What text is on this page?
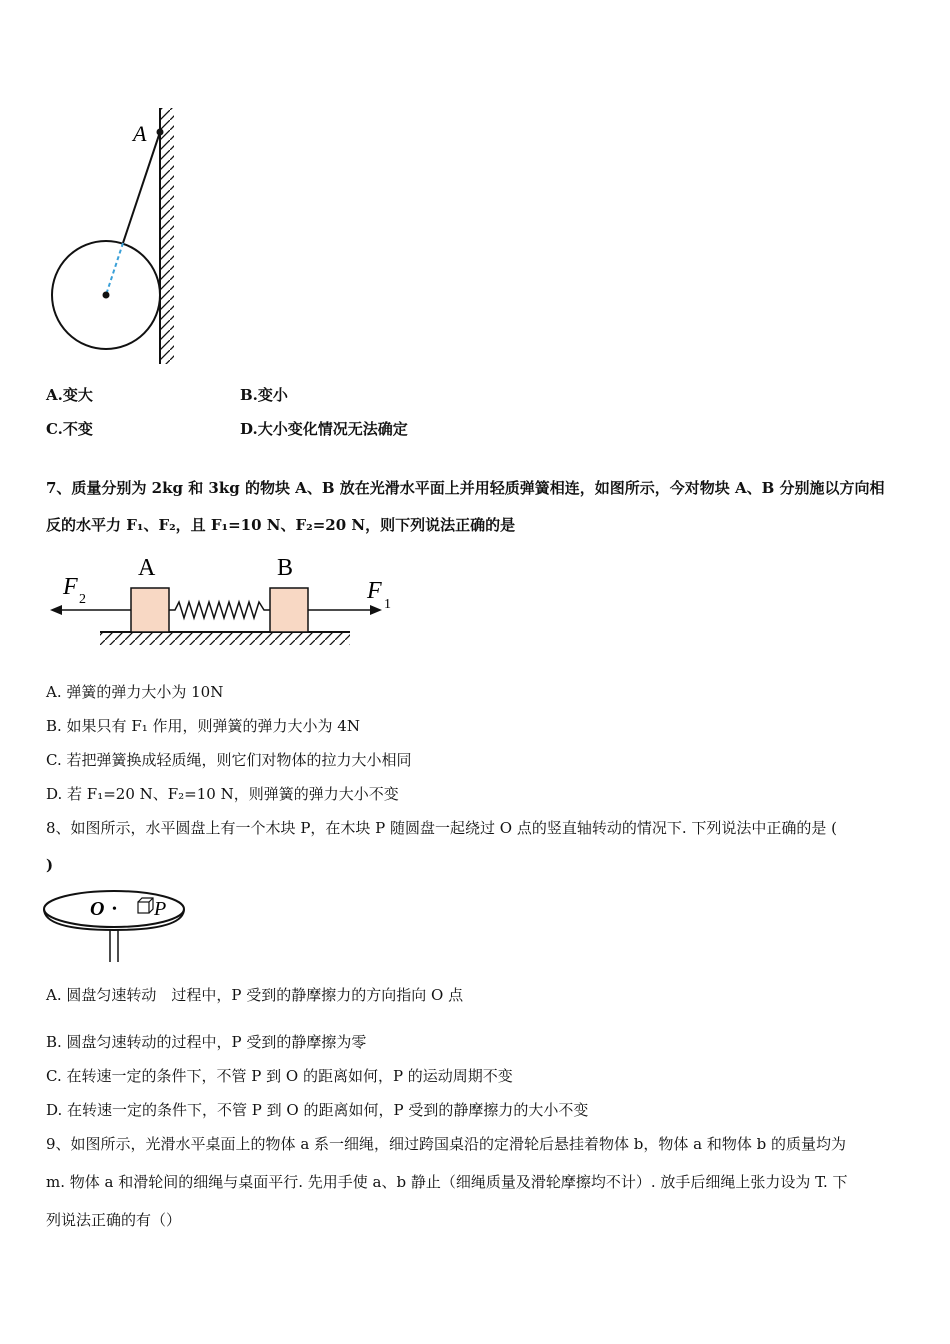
A
A.变大	B.变小
C.不变	D.大小变化情况无法确定
7、质量分别为 2kg 和 3kg 的物块 A、B 放在光滑水平面上并用轻质弹簧相连，如图所示，今对物块 A、B 分别施以方向相
反的水平力 F₁、F₂，且 F₁=10 N、F₂=20 N，则下列说法正确的是
A	B
F 2	F
1
A. 弹簧的弹力大小为 10N
B. 如果只有 F₁ 作用，则弹簧的弹力大小为 4N
C. 若把弹簧换成轻质绳，则它们对物体的拉力大小相同
D. 若 F₁=20 N、F₂=10 N，则弹簧的弹力大小不变
8、如图所示，水平圆盘上有一个木块 P，在木块 P 随圆盘一起绕过 O 点的竖直轴转动的情况下. 下列说法中正确的是 (
)
O • P
A. 圆盘匀速转动　过程中，P 受到的静摩擦力的方向指向 O 点
B. 圆盘匀速转动的过程中，P 受到的静摩擦为零
C. 在转速一定的条件下，不管 P 到 O 的距离如何，P 的运动周期不变
D. 在转速一定的条件下，不管 P 到 O 的距离如何，P 受到的静摩擦力的大小不变
9、如图所示，光滑水平桌面上的物体 a 系一细绳，细过跨国桌沿的定滑轮后悬挂着物体 b，物体 a 和物体 b 的质量均为
m. 物体 a 和滑轮间的细绳与桌面平行. 先用手使 a、b 静止（细绳质量及滑轮摩擦均不计）. 放手后细绳上张力设为 T. 下
列说法正确的有（）
